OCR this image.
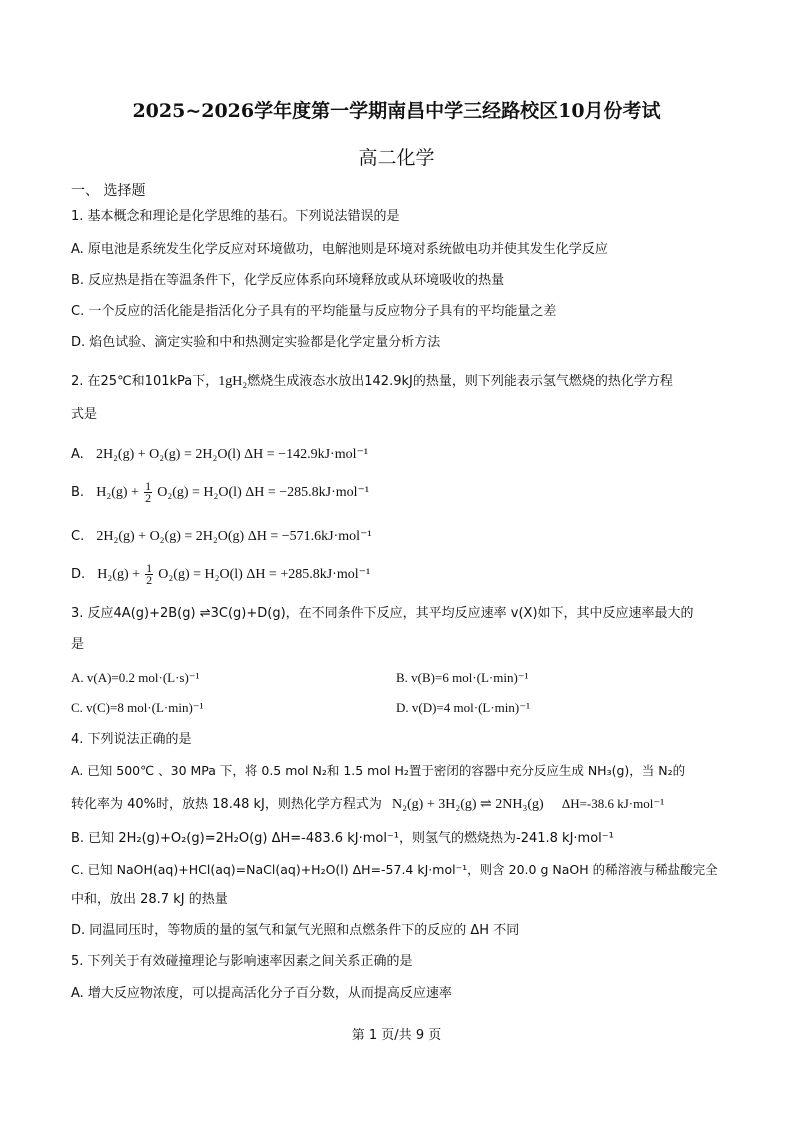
2025~2026学年度第一学期南昌中学三经路校区10月份考试
高二化学
一、 选择题
1. 基本概念和理论是化学思维的基石。下列说法错误的是
A. 原电池是系统发生化学反应对环境做功，电解池则是环境对系统做电功并使其发生化学反应
B. 反应热是指在等温条件下，化学反应体系向环境释放或从环境吸收的热量
C. 一个反应的活化能是指活化分子具有的平均能量与反应物分子具有的平均能量之差
D. 焰色试验、滴定实验和中和热测定实验都是化学定量分析方法
2. 在25℃和101kPa下，1gH₂燃烧生成液态水放出142.9kJ的热量，则下列能表示氢气燃烧的热化学方程
式是
A. 2H₂(g) + O₂(g) = 2H₂O(l) ΔH = −142.9kJ·mol⁻¹
B. $H_2(g) + \frac{1}{2} O_2(g) = H_2O(l) \Delta H = -285.8kJ\cdot mol^{-1}$
C. 2H₂(g) + O₂(g) = 2H₂O(g) ΔH = −571.6kJ·mol⁻¹
D. $H_2(g) + \frac{1}{2} O_2(g) = H_2O(l) \Delta H = +285.8kJ\cdot mol^{-1}$
3. 反应4A(g)+2B(g) ⇌3C(g)+D(g)，在不同条件下反应，其平均反应速率 v(X)如下，其中反应速率最大的
是
A. v(A)=0.2 mol·(L·s)⁻¹	B. v(B)=6 mol·(L·min)⁻¹
C. v(C)=8 mol·(L·min)⁻¹	D. v(D)=4 mol·(L·min)⁻¹
4. 下列说法正确的是
A. 已知 500℃ 、30 MPa 下，将 0.5 mol N₂和 1.5 mol H₂置于密闭的容器中充分反应生成 NH₃(g)，当 N₂的
转化率为 40%时，放热 18.48 kJ，则热化学方程式为 N₂(g) + 3H₂(g) ⇌ 2NH₃(g) ΔH=-38.6 kJ·mol⁻¹
B. 已知 2H₂(g)+O₂(g)=2H₂O(g) ΔH=-483.6 kJ·mol⁻¹，则氢气的燃烧热为-241.8 kJ·mol⁻¹
C. 已知 NaOH(aq)+HCl(aq)=NaCl(aq)+H₂O(l) ΔH=-57.4 kJ·mol⁻¹，则含 20.0 g NaOH 的稀溶液与稀盐酸完全
中和，放出 28.7 kJ 的热量
D. 同温同压时，等物质的量的氢气和氯气光照和点燃条件下的反应的 ΔH 不同
5. 下列关于有效碰撞理论与影响速率因素之间关系正确的是
A. 增大反应物浓度，可以提高活化分子百分数，从而提高反应速率
第 1 页/共 9 页
